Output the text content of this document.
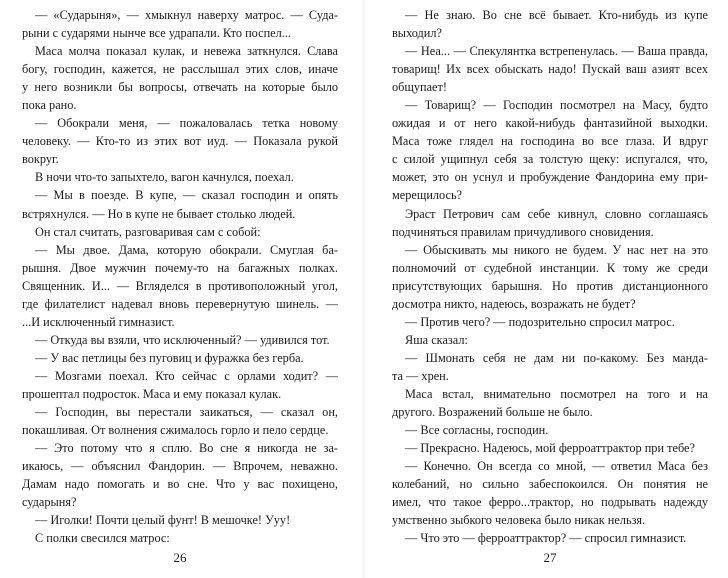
— «Сударыня», — хмыкнул наверху матрос. — Суда-
рыни с сударями нынче все удрапали. Кто поспел...
Маса молча показал кулак, и невежа заткнулся. Слава
богу, господин, кажется, не расслышал этих слов, иначе
у него возникли бы вопросы, отвечать на которые было
пока рано.
— Обокрали меня, — пожаловалась тетка новому
человеку. — Кто-то из этих вот иуд. — Показала рукой
вокруг.
В ночи что-то запыхтело, вагон качнулся, поехал.
— Мы в поезде. В купе, — сказал господин и опять
встряхнулся. — Но в купе не бывает столько людей.
Он стал считать, разговаривая сам с собой:
— Мы двое. Дама, которую обокрали. Смуглая ба-
рышня. Двое мужчин почему-то на багажных полках.
Священник. И... — Вгляделся в противоположный угол,
где филателист надевал вновь перевернутую шинель. —
...И исключенный гимназист.
— Откуда вы взяли, что исключенный? — удивился тот.
— У вас петлицы без пуговиц и фуражка без герба.
— Мозгами поехал. Кто сейчас с орлами ходит? —
прошептал подросток. Маса и ему показал кулак.
— Господин, вы перестали заикаться, — сказал он,
покашливая. От волнения сжималось горло и пело сердце.
— Это потому что я сплю. Во сне я никогда не за-
икаюсь, — объяснил Фандорин. — Впрочем, неважно.
Дамам надо помогать и во сне. Что у вас похищено,
сударыня?
— Иголки! Почти целый фунт! В мешочке! Ууу!
С полки свесился матрос:
— Не знаю. Во сне всё бывает. Кто-нибудь из купе
выходил?
— Неа... — Спекулянтка встрепенулась. — Ваша правда,
товарищ! Их всех обыскать надо! Пускай ваш азият всех
общупает!
— Товарищ? — Господин посмотрел на Масу, будто
ожидая и от него какой-нибудь фантазийной выходки.
Маса тоже глядел на господина во все глаза. И вдруг
с силой ущипнул себя за толстую щеку: испугался, что,
может, это он уснул и пробуждение Фандорина ему при-
мерещилось?
Эраст Петрович сам себе кивнул, словно соглашаясь
подчиняться правилам причудливого сновидения.
— Обыскивать мы никого не будем. У нас нет на это
полномочий от судебной инстанции. К тому же среди
присутствующих барышня. Но против дистанционного
досмотра никто, надеюсь, возражать не будет?
— Против чего? — подозрительно спросил матрос.
Яша сказал:
— Шмонать себя не дам ни по-какому. Без манда-
та — хрен.
Маса встал, внимательно посмотрел на того и на
другого. Возражений больше не было.
— Все согласны, господин.
— Прекрасно. Надеюсь, мой ферроаттрактор при тебе?
— Конечно. Он всегда со мной, — ответил Маса без
колебаний, но сильно забеспокоился. Он понятия не
имел, что такое ферро...трактор, но подрывать надежду
умственно зыбкого человека было никак нельзя.
— Что это — ферроаттрактор? — спросил гимназист.
26	27
